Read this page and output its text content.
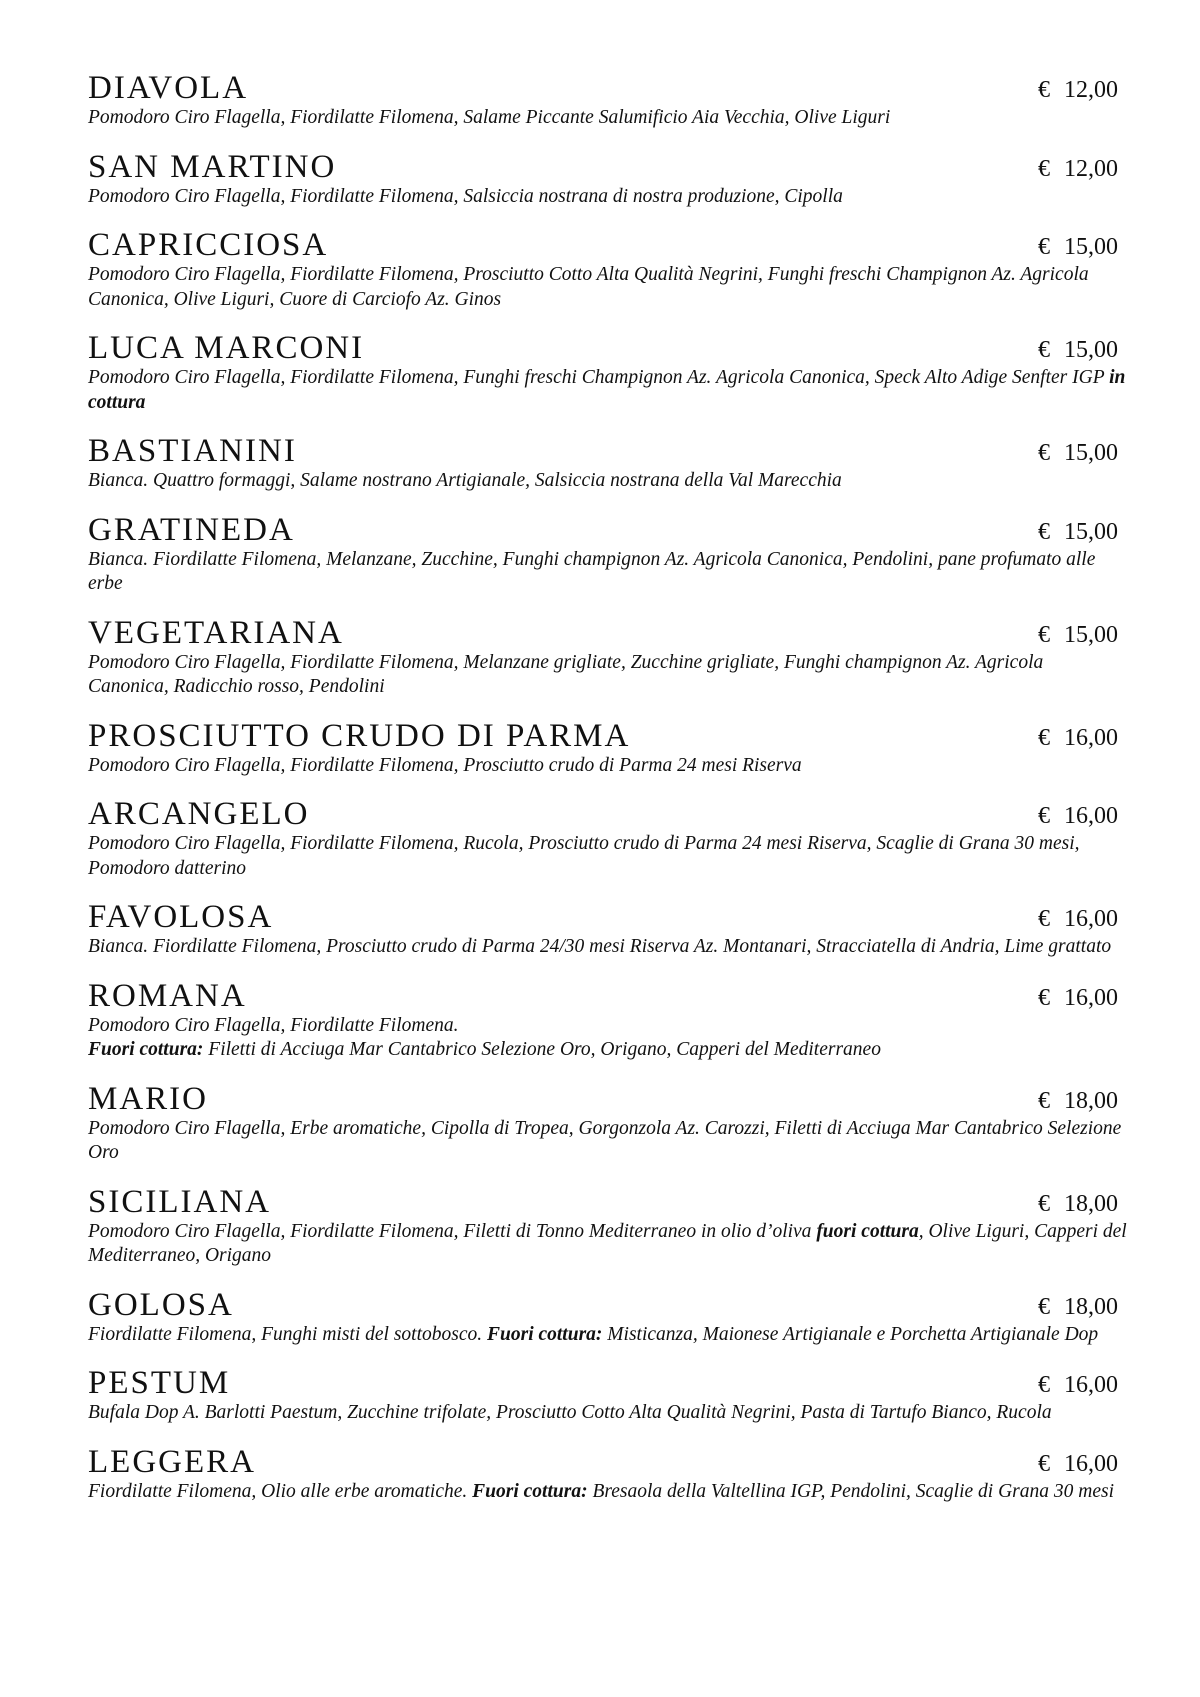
DIAVOLA	€ 12,00

Pomodoro Ciro Flagella, Fiordilatte Filomena, Salame Piccante Salumificio Aia Vecchia, Olive Liguri

SAN MARTINO	€ 12,00

Pomodoro Ciro Flagella, Fiordilatte Filomena, Salsiccia nostrana di nostra produzione, Cipolla

CAPRICCIOSA	€ 15,00

Pomodoro Ciro Flagella, Fiordilatte Filomena, Prosciutto Cotto Alta Qualità Negrini, Funghi freschi Champignon Az. Agricola Canonica, Olive Liguri, Cuore di Carciofo Az. Ginos

LUCA MARCONI	€ 15,00

Pomodoro Ciro Flagella, Fiordilatte Filomena, Funghi freschi Champignon Az. Agricola Canonica, Speck Alto Adige Senfter IGP in cottura

BASTIANINI	€ 15,00

Bianca. Quattro formaggi, Salame nostrano Artigianale, Salsiccia nostrana della Val Marecchia

GRATINEDA	€ 15,00

Bianca. Fiordilatte Filomena, Melanzane, Zucchine, Funghi champignon Az. Agricola Canonica, Pendolini, pane profumato alle erbe

VEGETARIANA	€ 15,00

Pomodoro Ciro Flagella, Fiordilatte Filomena, Melanzane grigliate, Zucchine grigliate, Funghi champignon Az. Agricola Canonica, Radicchio rosso, Pendolini

PROSCIUTTO CRUDO DI PARMA	€ 16,00

Pomodoro Ciro Flagella, Fiordilatte Filomena, Prosciutto crudo di Parma 24 mesi Riserva

ARCANGELO	€ 16,00

Pomodoro Ciro Flagella, Fiordilatte Filomena, Rucola, Prosciutto crudo di Parma 24 mesi Riserva, Scaglie di Grana 30 mesi, Pomodoro datterino

FAVOLOSA	€ 16,00

Bianca. Fiordilatte Filomena, Prosciutto crudo di Parma 24/30 mesi Riserva Az. Montanari, Stracciatella di Andria, Lime grattato

ROMANA	€ 16,00

Pomodoro Ciro Flagella, Fiordilatte Filomena.
Fuori cottura: Filetti di Acciuga Mar Cantabrico Selezione Oro, Origano, Capperi del Mediterraneo

MARIO	€ 18,00

Pomodoro Ciro Flagella, Erbe aromatiche, Cipolla di Tropea, Gorgonzola Az. Carozzi, Filetti di Acciuga Mar Cantabrico Selezione Oro

SICILIANA	€ 18,00

Pomodoro Ciro Flagella, Fiordilatte Filomena, Filetti di Tonno Mediterraneo in olio d’oliva fuori cottura, Olive Liguri, Capperi del Mediterraneo, Origano

GOLOSA	€ 18,00

Fiordilatte Filomena, Funghi misti del sottobosco. Fuori cottura: Misticanza, Maionese Artigianale e Porchetta Artigianale Dop

PESTUM	€ 16,00

Bufala Dop A. Barlotti Paestum, Zucchine trifolate, Prosciutto Cotto Alta Qualità Negrini, Pasta di Tartufo Bianco, Rucola

LEGGERA	€ 16,00

Fiordilatte Filomena, Olio alle erbe aromatiche. Fuori cottura: Bresaola della Valtellina IGP, Pendolini, Scaglie di Grana 30 mesi
